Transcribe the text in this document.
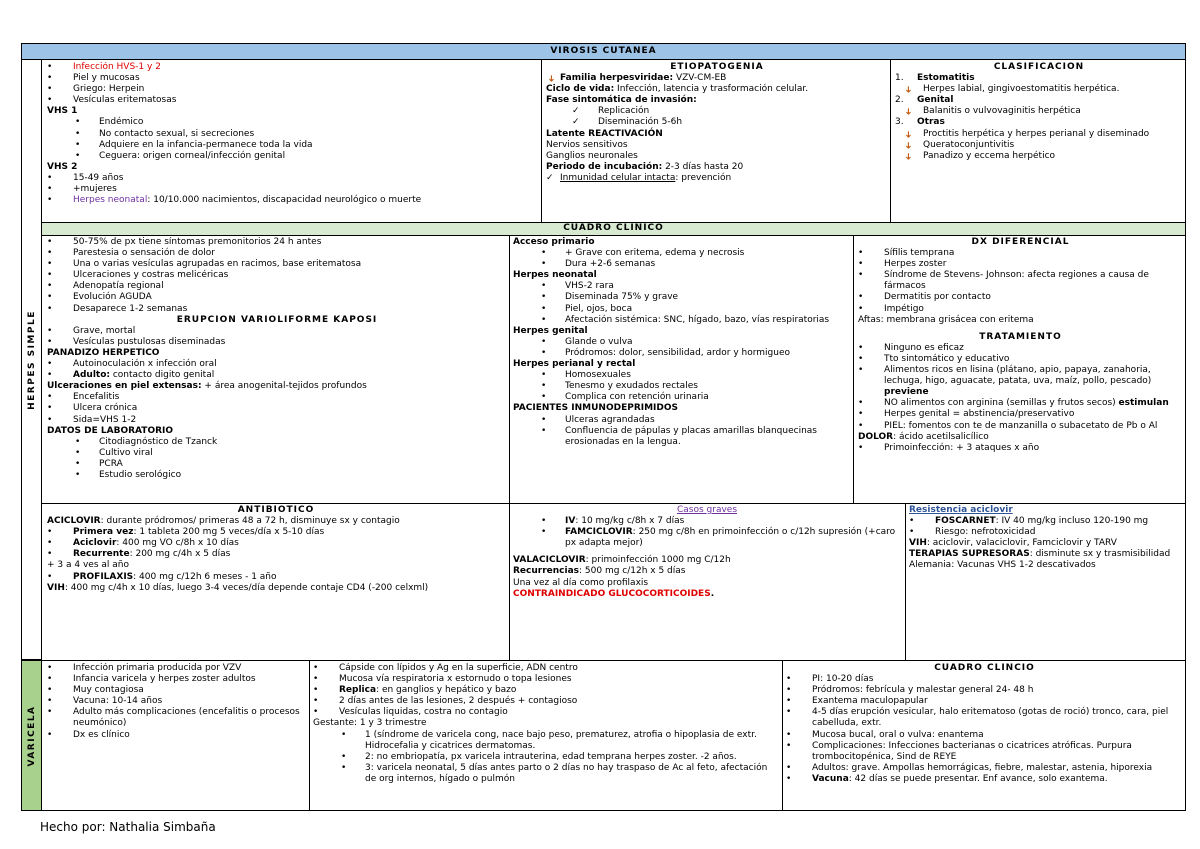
VIROSIS CUTANEA
HERPES SIMPLE
VARICELA
• Infección HVS-1 y 2
• Piel y mucosas
• Griego: Herpein
• Vesículas eritematosas
VHS 1
• Endémico
• No contacto sexual, si secreciones
• Adquiere en la infancia-permanece toda la vida
• Ceguera: origen corneal/infección genital
VHS 2
• 15-49 años
• +mujeres
• Herpes neonatal: 10/10.000 nacimientos, discapacidad neurológico o muerte
ETIOPATOGENIA
➜ Familia herpesviridae: VZV-CM-EB
Ciclo de vida: Infección, latencia y trasformación celular.
Fase sintomática de invasión:
✓ Replicación
✓ Diseminación 5-6h
Latente REACTIVACIÓN
Nervios sensitivos
Ganglios neuronales
Periodo de incubación: 2-3 días hasta 20
✓ Inmunidad celular intacta: prevención
CLASIFICACION
1. Estomatitis
➜ Herpes labial, gingivoestomatitis herpética.
2. Genital
➜ Balanitis o vulvovaginitis herpética
3. Otras
➜ Proctitis herpética y herpes perianal y diseminado
➜ Queratoconjuntivitis
➜ Panadizo y eccema herpético
CUADRO CLINICO
• 50-75% de px tiene síntomas premonitorios 24 h antes
• Parestesia o sensación de dolor
• Una o varias vesículas agrupadas en racimos, base eritematosa
• Ulceraciones y costras melicéricas
• Adenopatía regional
• Evolución AGUDA
• Desaparece 1-2 semanas
ERUPCION VARIOLIFORME KAPOSI
• Grave, mortal
• Vesículas pustulosas diseminadas
PANADIZO HERPETICO
• Autoinoculación x infección oral
• Adulto: contacto digito genital
Ulceraciones en piel extensas: + área anogenital-tejidos profundos
• Encefalitis
• Ulcera crónica
• Sida=VHS 1-2
DATOS DE LABORATORIO
• Citodiagnóstico de Tzanck
• Cultivo viral
• PCRA
• Estudio serológico
Acceso primario
• + Grave con eritema, edema y necrosis
• Dura +2-6 semanas
Herpes neonatal
• VHS-2 rara
• Diseminada 75% y grave
• Piel, ojos, boca
• Afectación sistémica: SNC, hígado, bazo, vías respiratorias
Herpes genital
• Glande o vulva
• Pródromos: dolor, sensibilidad, ardor y hormigueo
Herpes perianal y rectal
• Homosexuales
• Tenesmo y exudados rectales
• Complica con retención urinaria
PACIENTES INMUNODEPRIMIDOS
• Ulceras agrandadas
• Confluencia de pápulas y placas amarillas blanquecinas erosionadas en la lengua.
DX DIFERENCIAL
• Sífilis temprana
• Herpes zoster
• Síndrome de Stevens- Johnson: afecta regiones a causa de fármacos
• Dermatitis por contacto
• Impétigo
Aftas: membrana grisácea con eritema
TRATAMIENTO
• Ninguno es eficaz
• Tto sintomático y educativo
• Alimentos ricos en lisina (plátano, apio, papaya, zanahoria, lechuga, higo, aguacate, patata, uva, maíz, pollo, pescado) previene
• NO alimentos con arginina (semillas y frutos secos) estimulan
• Herpes genital = abstinencia/preservativo
• PIEL: fomentos con te de manzanilla o subacetato de Pb o Al
DOLOR: ácido acetilsalicílico
• Primoinfección: + 3 ataques x año
ANTIBIOTICO
ACICLOVIR: durante pródromos/ primeras 48 a 72 h, disminuye sx y contagio
• Primera vez: 1 tableta 200 mg 5 veces/día x 5-10 días
• Aciclovir: 400 mg VO c/8h x 10 días
• Recurrente: 200 mg c/4h x 5 días
+ 3 a 4 ves al año
• PROFILAXIS: 400 mg c/12h 6 meses - 1 año
VIH: 400 mg c/4h x 10 días, luego 3-4 veces/día depende contaje CD4 (-200 celxml)
Casos graves
• IV: 10 mg/kg c/8h x 7 días
• FAMCICLOVIR: 250 mg c/8h en primoinfección o c/12h supresión (+caro px adapta mejor)
VALACICLOVIR: primoinfección 1000 mg C/12h
Recurrencias: 500 mg c/12h x 5 días
Una vez al día como profilaxis
CONTRAINDICADO GLUCOCORTICOIDES.
Resistencia aciclovir
• FOSCARNET: IV 40 mg/kg incluso 120-190 mg
• Riesgo: nefrotoxicidad
VIH: aciclovir, valaciclovir, Famciclovir y TARV
TERAPIAS SUPRESORAS: disminute sx y trasmisibilidad
Alemania: Vacunas VHS 1-2 descativados
• Infección primaria producida por VZV
• Infancia varicela y herpes zoster adultos
• Muy contagiosa
• Vacuna: 10-14 años
• Adulto más complicaciones (encefalitis o procesos neumónico)
• Dx es clínico
• Cápside con lípidos y Ag en la superficie, ADN centro
• Mucosa vía respiratoria x estornudo o topa lesiones
• Replica: en ganglios y hepático y bazo
• 2 días antes de las lesiones, 2 después + contagioso
• Vesículas liquidas, costra no contagio
Gestante: 1 y 3 trimestre
• 1 (síndrome de varicela cong, nace bajo peso, prematurez, atrofia o hipoplasia de extr. Hidrocefalia y cicatrices dermatomas.
• 2: no embriopatía, px varicela intrauterina, edad temprana herpes zoster. -2 años.
• 3: varicela neonatal, 5 días antes parto o 2 días no hay traspaso de Ac al feto, afectación de org internos, hígado o pulmón
CUADRO CLINCIO
• PI: 10-20 días
• Pródromos: febrícula y malestar general 24- 48 h
• Exantema maculopapular
• 4-5 días erupción vesicular, halo eritematoso (gotas de roció) tronco, cara, piel cabelluda, extr.
• Mucosa bucal, oral o vulva: enantema
• Complicaciones: Infecciones bacterianas o cicatrices atróficas. Purpura trombocitopénica, Sind de REYE
• Adultos: grave. Ampollas hemorrágicas, fiebre, malestar, astenia, hiporexia
• Vacuna: 42 días se puede presentar. Enf avance, solo exantema.
Hecho por: Nathalia Simbaña
